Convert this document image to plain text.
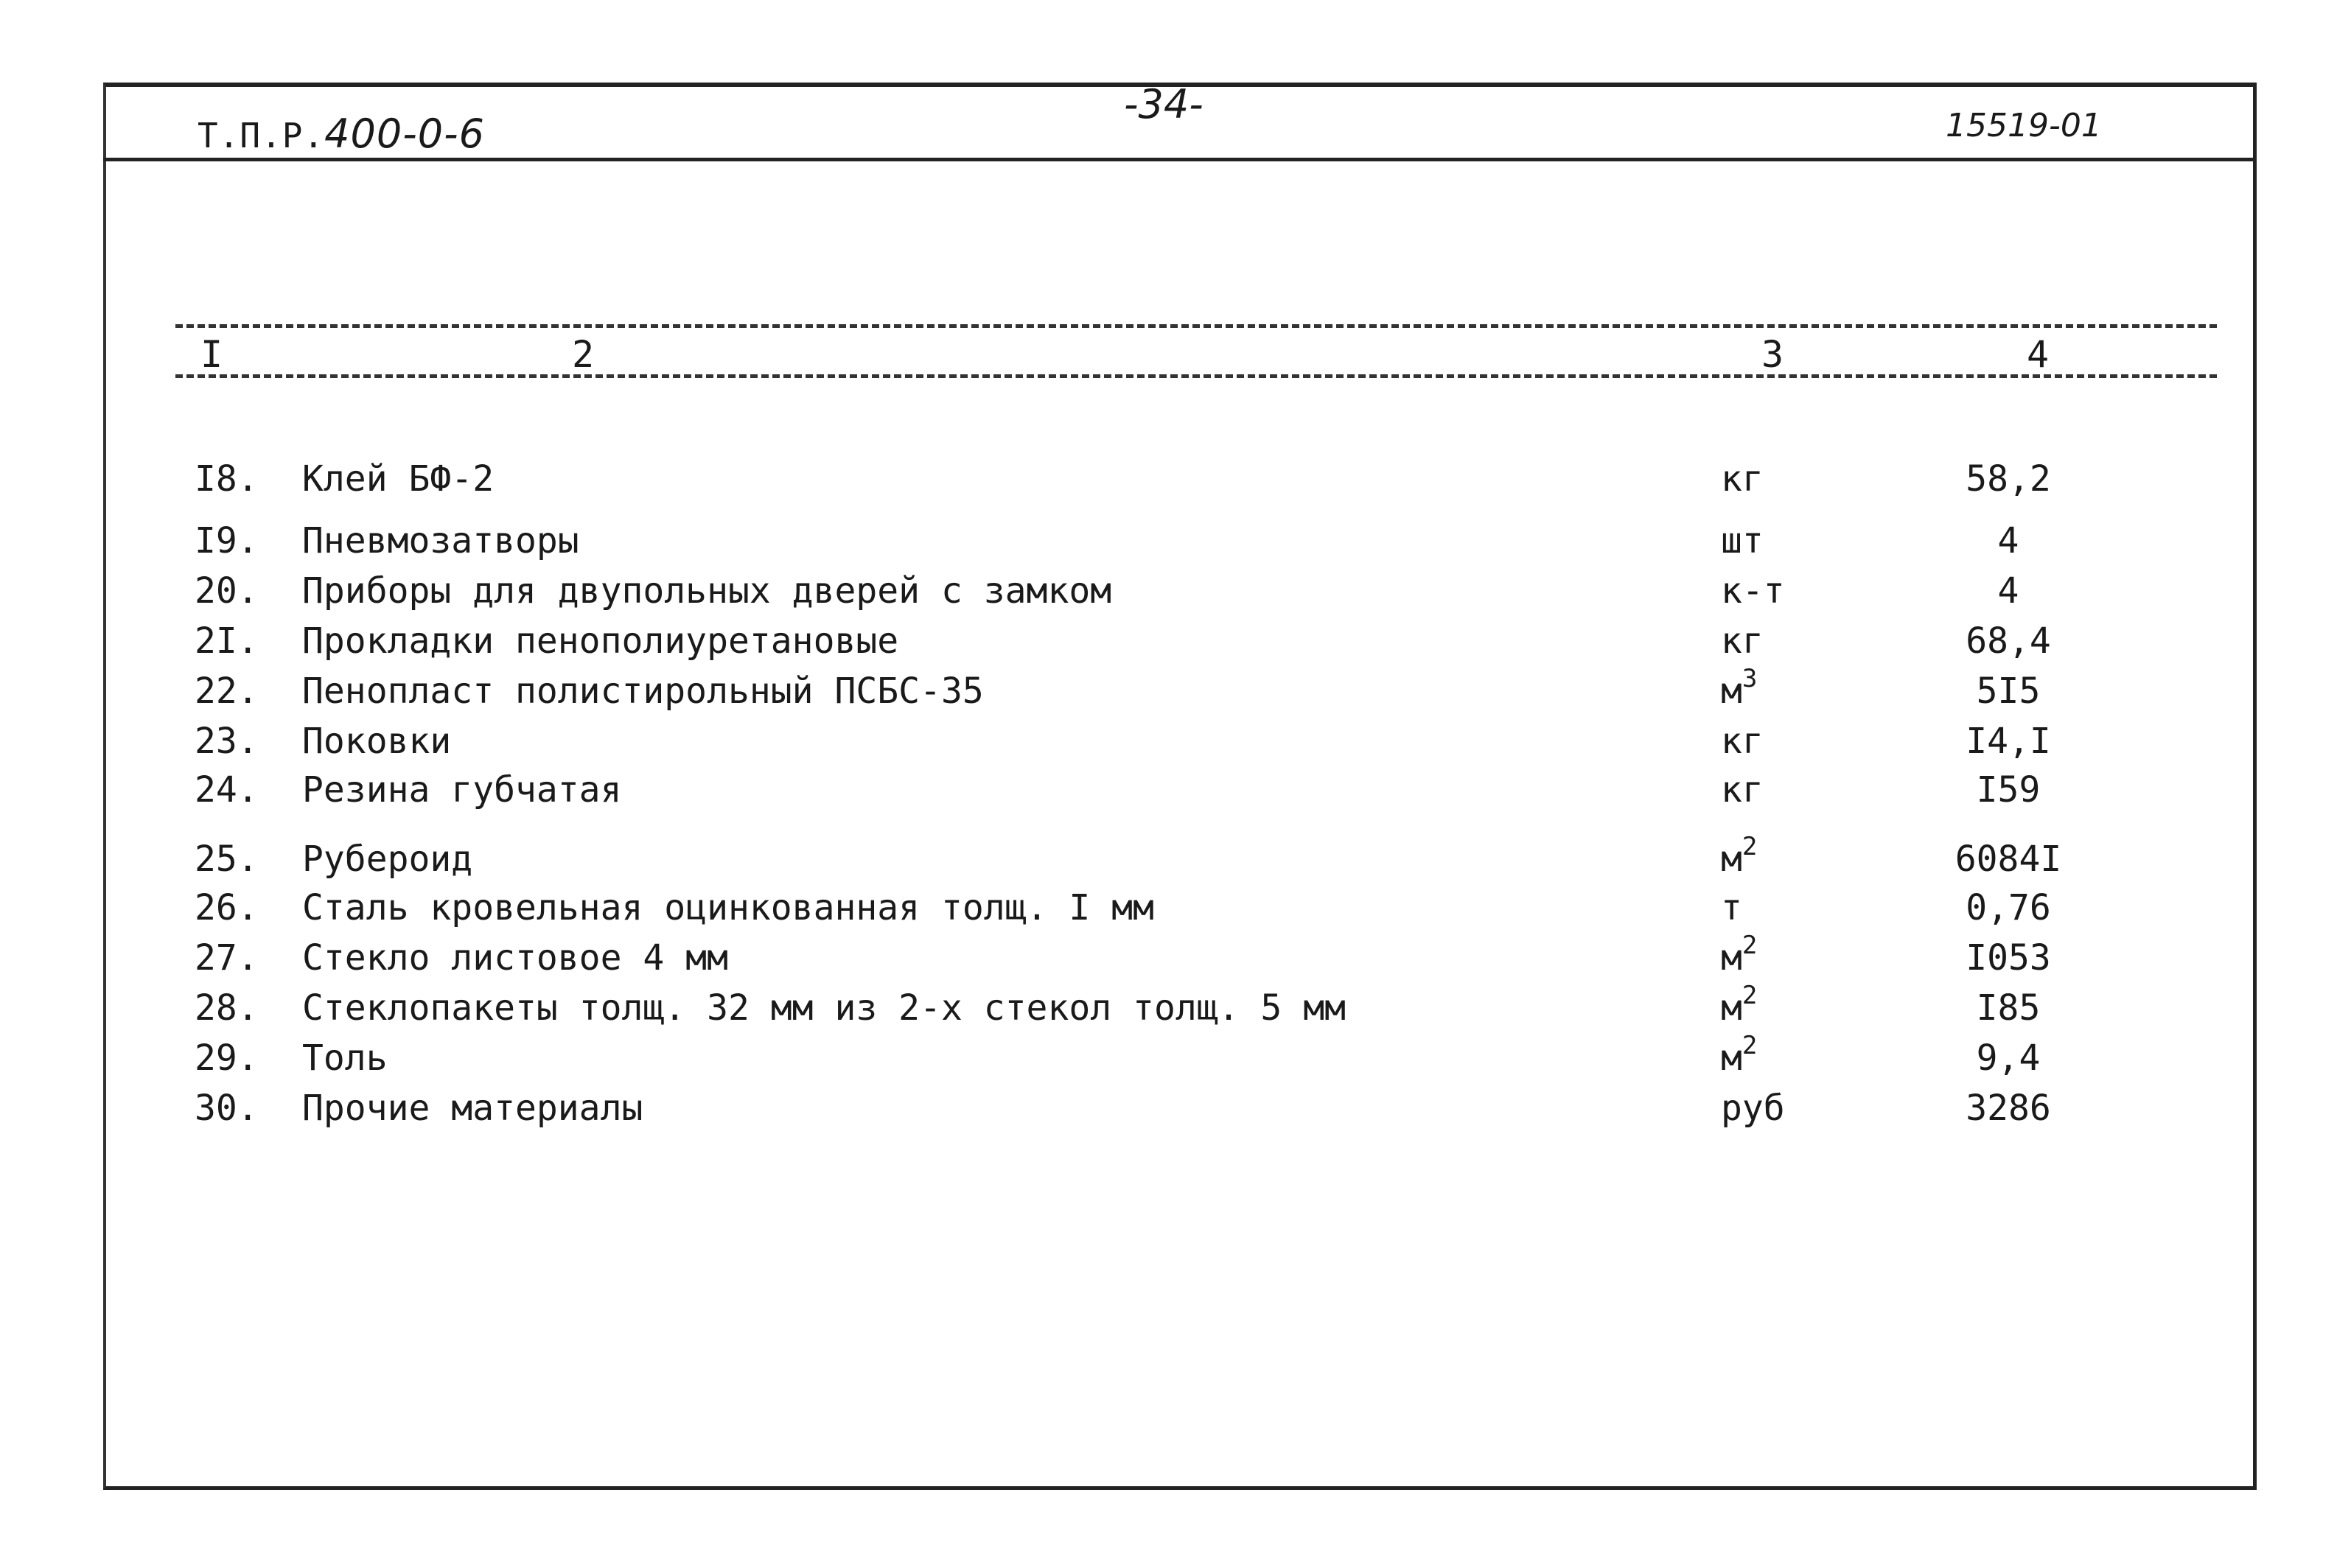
Т.П.Р.400-0-6
-34-	15519-01
I	2	3	4
I8.	Клей БФ-2	кг	58,2
I9.	Пневмозатворы	шт	4
20.	Приборы для двупольных дверей с замком	к-т	4
2I.	Прокладки пенополиуретановые	кг	68,4
22.	Пенопласт полистирольный ПСБС-35	$м^3$	5I5
23.	Поковки	кг	I4,I
24.	Резина губчатая	кг	I59
25.	Рубероид	$м^2$	6084I
26.	Сталь кровельная оцинкованная толщ. I мм	т	0,76
27.	Стекло листовое 4 мм	$м^2$	I053
28.	Стеклопакеты толщ. 32 мм из 2-х стекол толщ. 5 мм	$м^2$	I85
29.	Толь	$м^2$	9,4
30.	Прочие материалы	руб	3286
